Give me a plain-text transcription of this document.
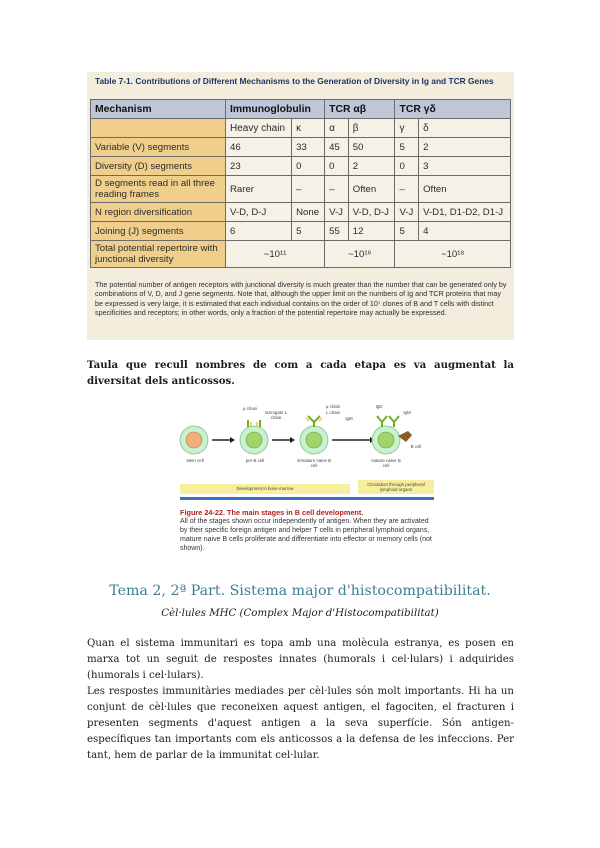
Table 7-1. Contributions of Different Mechanisms to the Generation of Diversity in Ig and TCR Genes
Mechanism	Immunoglobulin		TCR αβ		TCR γδ	
	Heavy chain	κ	α	β	γ	δ
Variable (V) segments	46	33	45	50	5	2
Diversity (D) segments	23	0	0	2	0	3
D segments read in all three reading frames	Rarer	–	–	Often	–	Often
N region diversification	V-D, D-J	None	V-J	V-D, D-J	V-J	V-D1, D1-D2, D1-J
Joining (J) segments	6	5	55	12	5	4
Total potential repertoire with junctional diversity	~10¹¹		~10¹⁶		~10¹⁸	
The potential number of antigen receptors with junctional diversity is much greater than the number that can be generated only by combinations of V, D, and J gene segments. Note that, although the upper limit on the numbers of Ig and TCR proteins that may be expressed is very large, it is estimated that each individual contains on the order of 10⁷ clones of B and T cells with distinct specificities and receptors; in other words, only a fraction of the potential repertoire may actually be expressed.
Taula que recull nombres de com a cada etapa es va augmentat la diversitat dels anticossos.
stem cell	pre-B cell	immature naive B cell
mature naive B cell
μ chain
surrogate L chain
μ chain
L chain
IgM
IgD
IgM
B cell
Development in bone marrow
Circulation through peripheral lymphoid organs
Figure 24-22. The main stages in B cell development.
All of the stages shown occur independently of antigen. When they are activated by their specific foreign antigen and helper T cells in peripheral lymphoid organs, mature naive B cells proliferate and differentiate into effector or memory cells (not shown).
Tema 2, 2ª Part. Sistema major d'histocompatibilitat.
Cèl·lules MHC (Complex Major d'Histocompatibilitat)
Quan el sistema immunitari es topa amb una molècula estranya, es posen en marxa tot un seguit de respostes innates (humorals i cel·lulars) i adquirides (humorals i cel·lulars).
Les respostes immunitàries mediades per cèl·lules són molt importants. Hi ha un conjunt de cèl·lules que reconeixen aquest antigen, el fagociten, el fracturen i presenten segments d'aquest antigen a la seva superfície. Són antigen-específiques tan importants com els anticossos a la defensa de les infeccions. Per tant, hem de parlar de la immunitat cel·lular.
